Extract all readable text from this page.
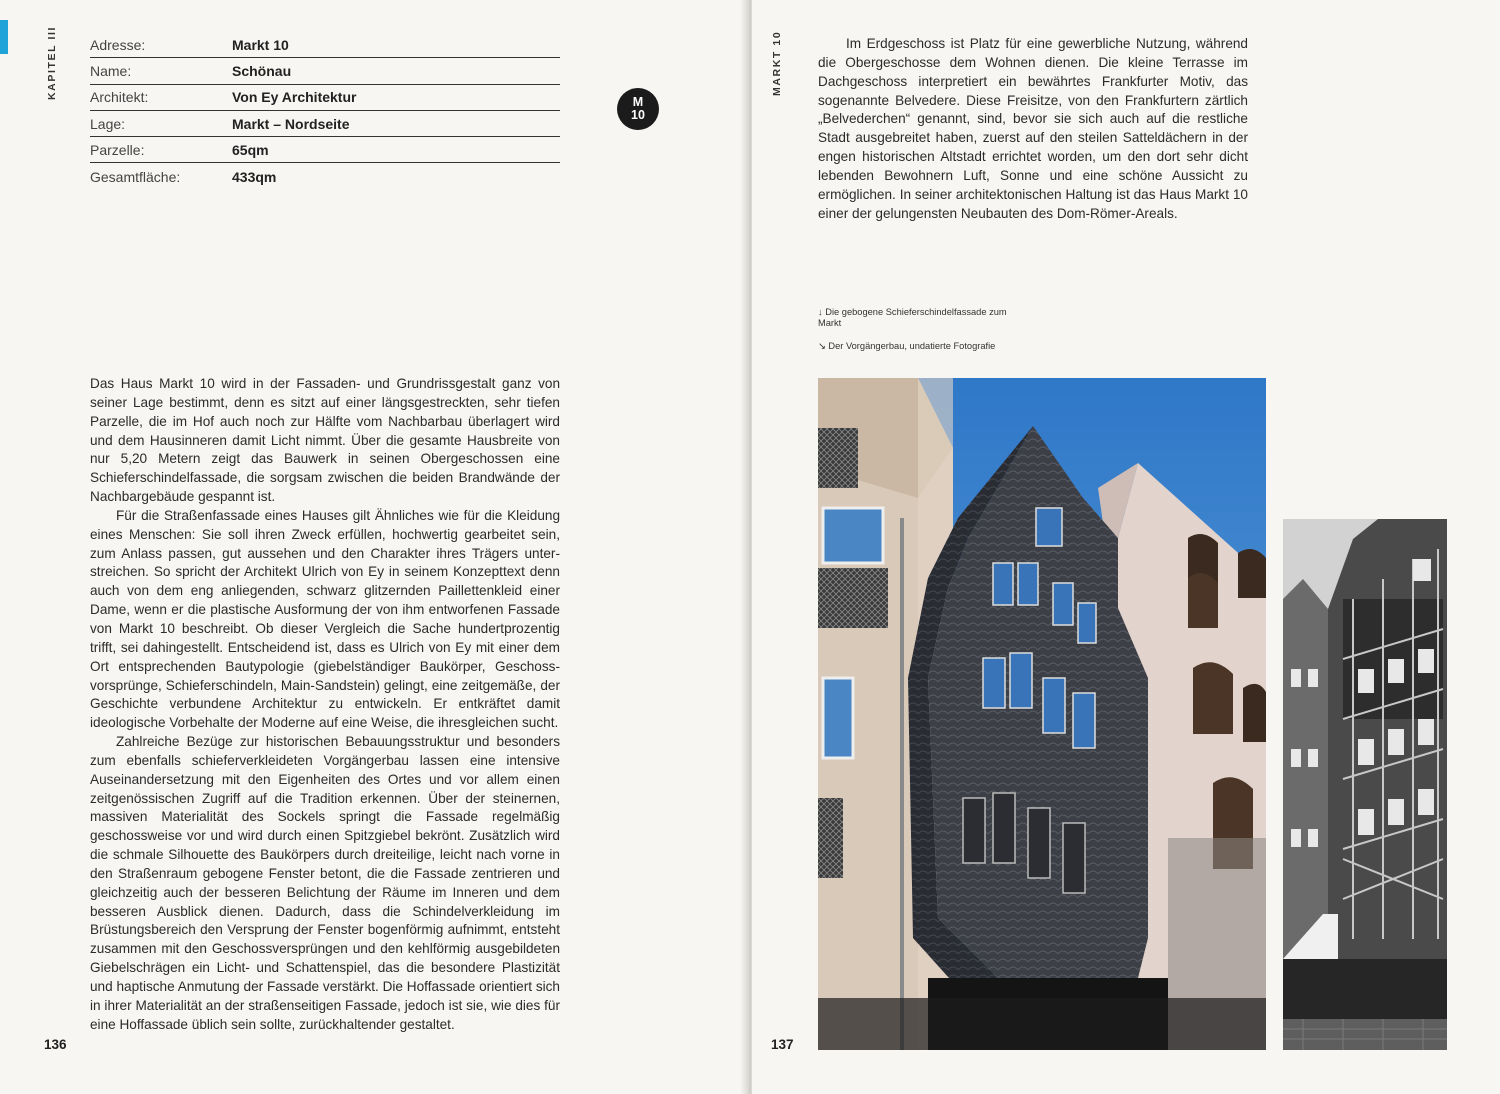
KAPITEL III Adresse:	Markt 10
Name:	Schönau
Architekt:	Von Ey Architektur
Lage:	Markt – Nordseite
Parzelle:	65qm
Gesamtfläche:	433qm
M
10

Das Haus Markt 10 wird in der Fassaden- und Grundrissgestalt ganz von seiner Lage bestimmt, denn es sitzt auf einer längsgestreckten, sehr tiefen Parzelle, die im Hof auch noch zur Hälfte vom Nachbarbau überlagert wird und dem Hausinneren damit Licht nimmt. Über die gesamte Hausbreite von nur 5,20 Metern zeigt das Bauwerk in seinen Obergeschossen eine Schieferschindelfassade, die sorgsam zwischen die beiden Brandwände der Nachbargebäude gespannt ist.

Für die Straßenfassade eines Hauses gilt Ähnliches wie für die Kleidung eines Menschen: Sie soll ihren Zweck erfüllen, hochwertig gearbeitet sein, zum Anlass passen, gut aussehen und den Charakter ihres Trägers unterstreichen. So spricht der Architekt Ulrich von Ey in seinem Konzepttext denn auch von dem eng anliegenden, schwarz glitzernden Paillettenkleid einer Dame, wenn er die plastische Ausformung der von ihm entworfenen Fassade von Markt 10 beschreibt. Ob dieser Vergleich die Sache hundertprozentig trifft, sei dahingestellt. Entscheidend ist, dass es Ulrich von Ey mit einer dem Ort entsprechenden Bautypologie (giebelständiger Baukörper, Geschossvorsprünge, Schieferschindeln, Main-Sandstein) gelingt, eine zeitgemäße, der Geschichte verbundene Architektur zu entwickeln. Er entkräftet damit ideologische Vorbehalte der Moderne auf eine Weise, die ihresgleichen sucht.

Zahlreiche Bezüge zur historischen Bebauungsstruktur und besonders zum ebenfalls schieferverkleideten Vorgängerbau lassen eine intensive Auseinandersetzung mit den Eigenheiten des Ortes und vor allem einen zeitgenössischen Zugriff auf die Tradition erkennen. Über der steinernen, massiven Materialität des Sockels springt die Fassade regelmäßig geschossweise vor und wird durch einen Spitzgiebel bekrönt. Zusätzlich wird die schmale Silhouette des Baukörpers durch dreiteilige, leicht nach vorne in den Straßenraum gebogene Fenster betont, die die Fassade zentrieren und gleichzeitig auch der besseren Belichtung der Räume im Inneren und dem besseren Ausblick dienen. Dadurch, dass die Schindelverkleidung im Brüstungsbereich den Versprung der Fenster bogenförmig aufnimmt, entsteht zusammen mit den Geschossversprüngen und den kehlförmig ausgebildeten Giebelschrägen ein Licht- und Schattenspiel, das die besondere Plastizität und haptische Anmutung der Fassade verstärkt. Die Hoffassade orientiert sich in ihrer Materialität an der straßenseitigen Fassade, jedoch ist sie, wie dies für eine Hoffassade üblich sein sollte, zurückhaltender gestaltet.

136
MARKT 10	Im Erdgeschoss ist Platz für eine gewerbliche Nutzung, während die Obergeschosse dem Wohnen dienen. Die kleine Terrasse im Dachgeschoss interpretiert ein bewährtes Frankfurter Motiv, das sogenannte Belvedere. Diese Freisitze, von den Frankfurtern zärtlich „Belvederchen“ genannt, sind, bevor sie sich auch auf die restliche Stadt ausgebreitet haben, zuerst auf den steilen Satteldächern in der engen historischen Altstadt errichtet worden, um den dort sehr dicht lebenden Bewohnern Luft, Sonne und eine schöne Aussicht zu ermöglichen. In seiner architektonischen Haltung ist das Haus Markt 10 einer der gelungensten Neubauten des Dom-Römer-Areals.

↓ Die gebogene Schieferschindelfassade zum Markt
↘ Der Vorgängerbau, undatierte Fotografie
137
